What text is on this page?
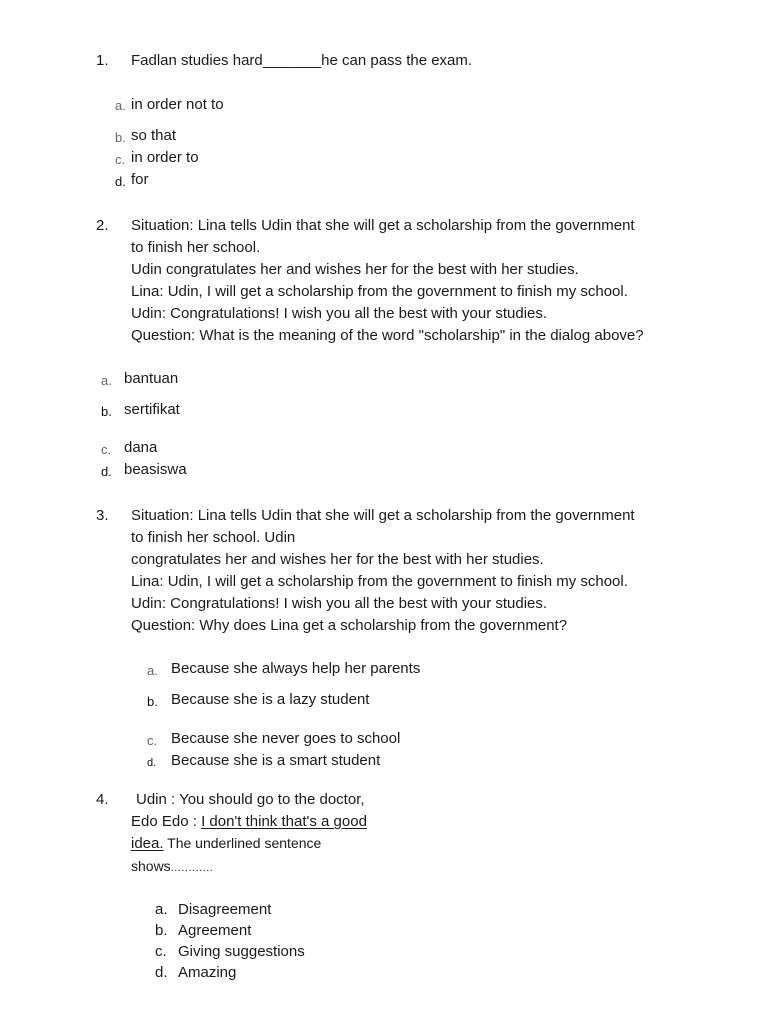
1. Fadlan studies hard_______he can pass the exam.
a. in order not to
b. so that
c. in order to
d. for
2. Situation: Lina tells Udin that she will get a scholarship from the government
to finish her school.
Udin congratulates her and wishes her for the best with her studies.
Lina: Udin, I will get a scholarship from the government to finish my school.
Udin: Congratulations! I wish you all the best with your studies.
Question: What is the meaning of the word "scholarship" in the dialog above?
a. bantuan
b. sertifikat
c. dana
d. beasiswa
3. Situation: Lina tells Udin that she will get a scholarship from the government
to finish her school. Udin
congratulates her and wishes her for the best with her studies.
Lina: Udin, I will get a scholarship from the government to finish my school.
Udin: Congratulations! I wish you all the best with your studies.
Question: Why does Lina get a scholarship from the government?
a. Because she always help her parents
b. Because she is a lazy student
c. Because she never goes to school
d. Because she is a smart student
4. Udin : You should go to the doctor,
Edo Edo : I don't think that's a good
idea. The underlined sentence
shows............
a. Disagreement
b. Agreement
c. Giving suggestions
d. Amazing
